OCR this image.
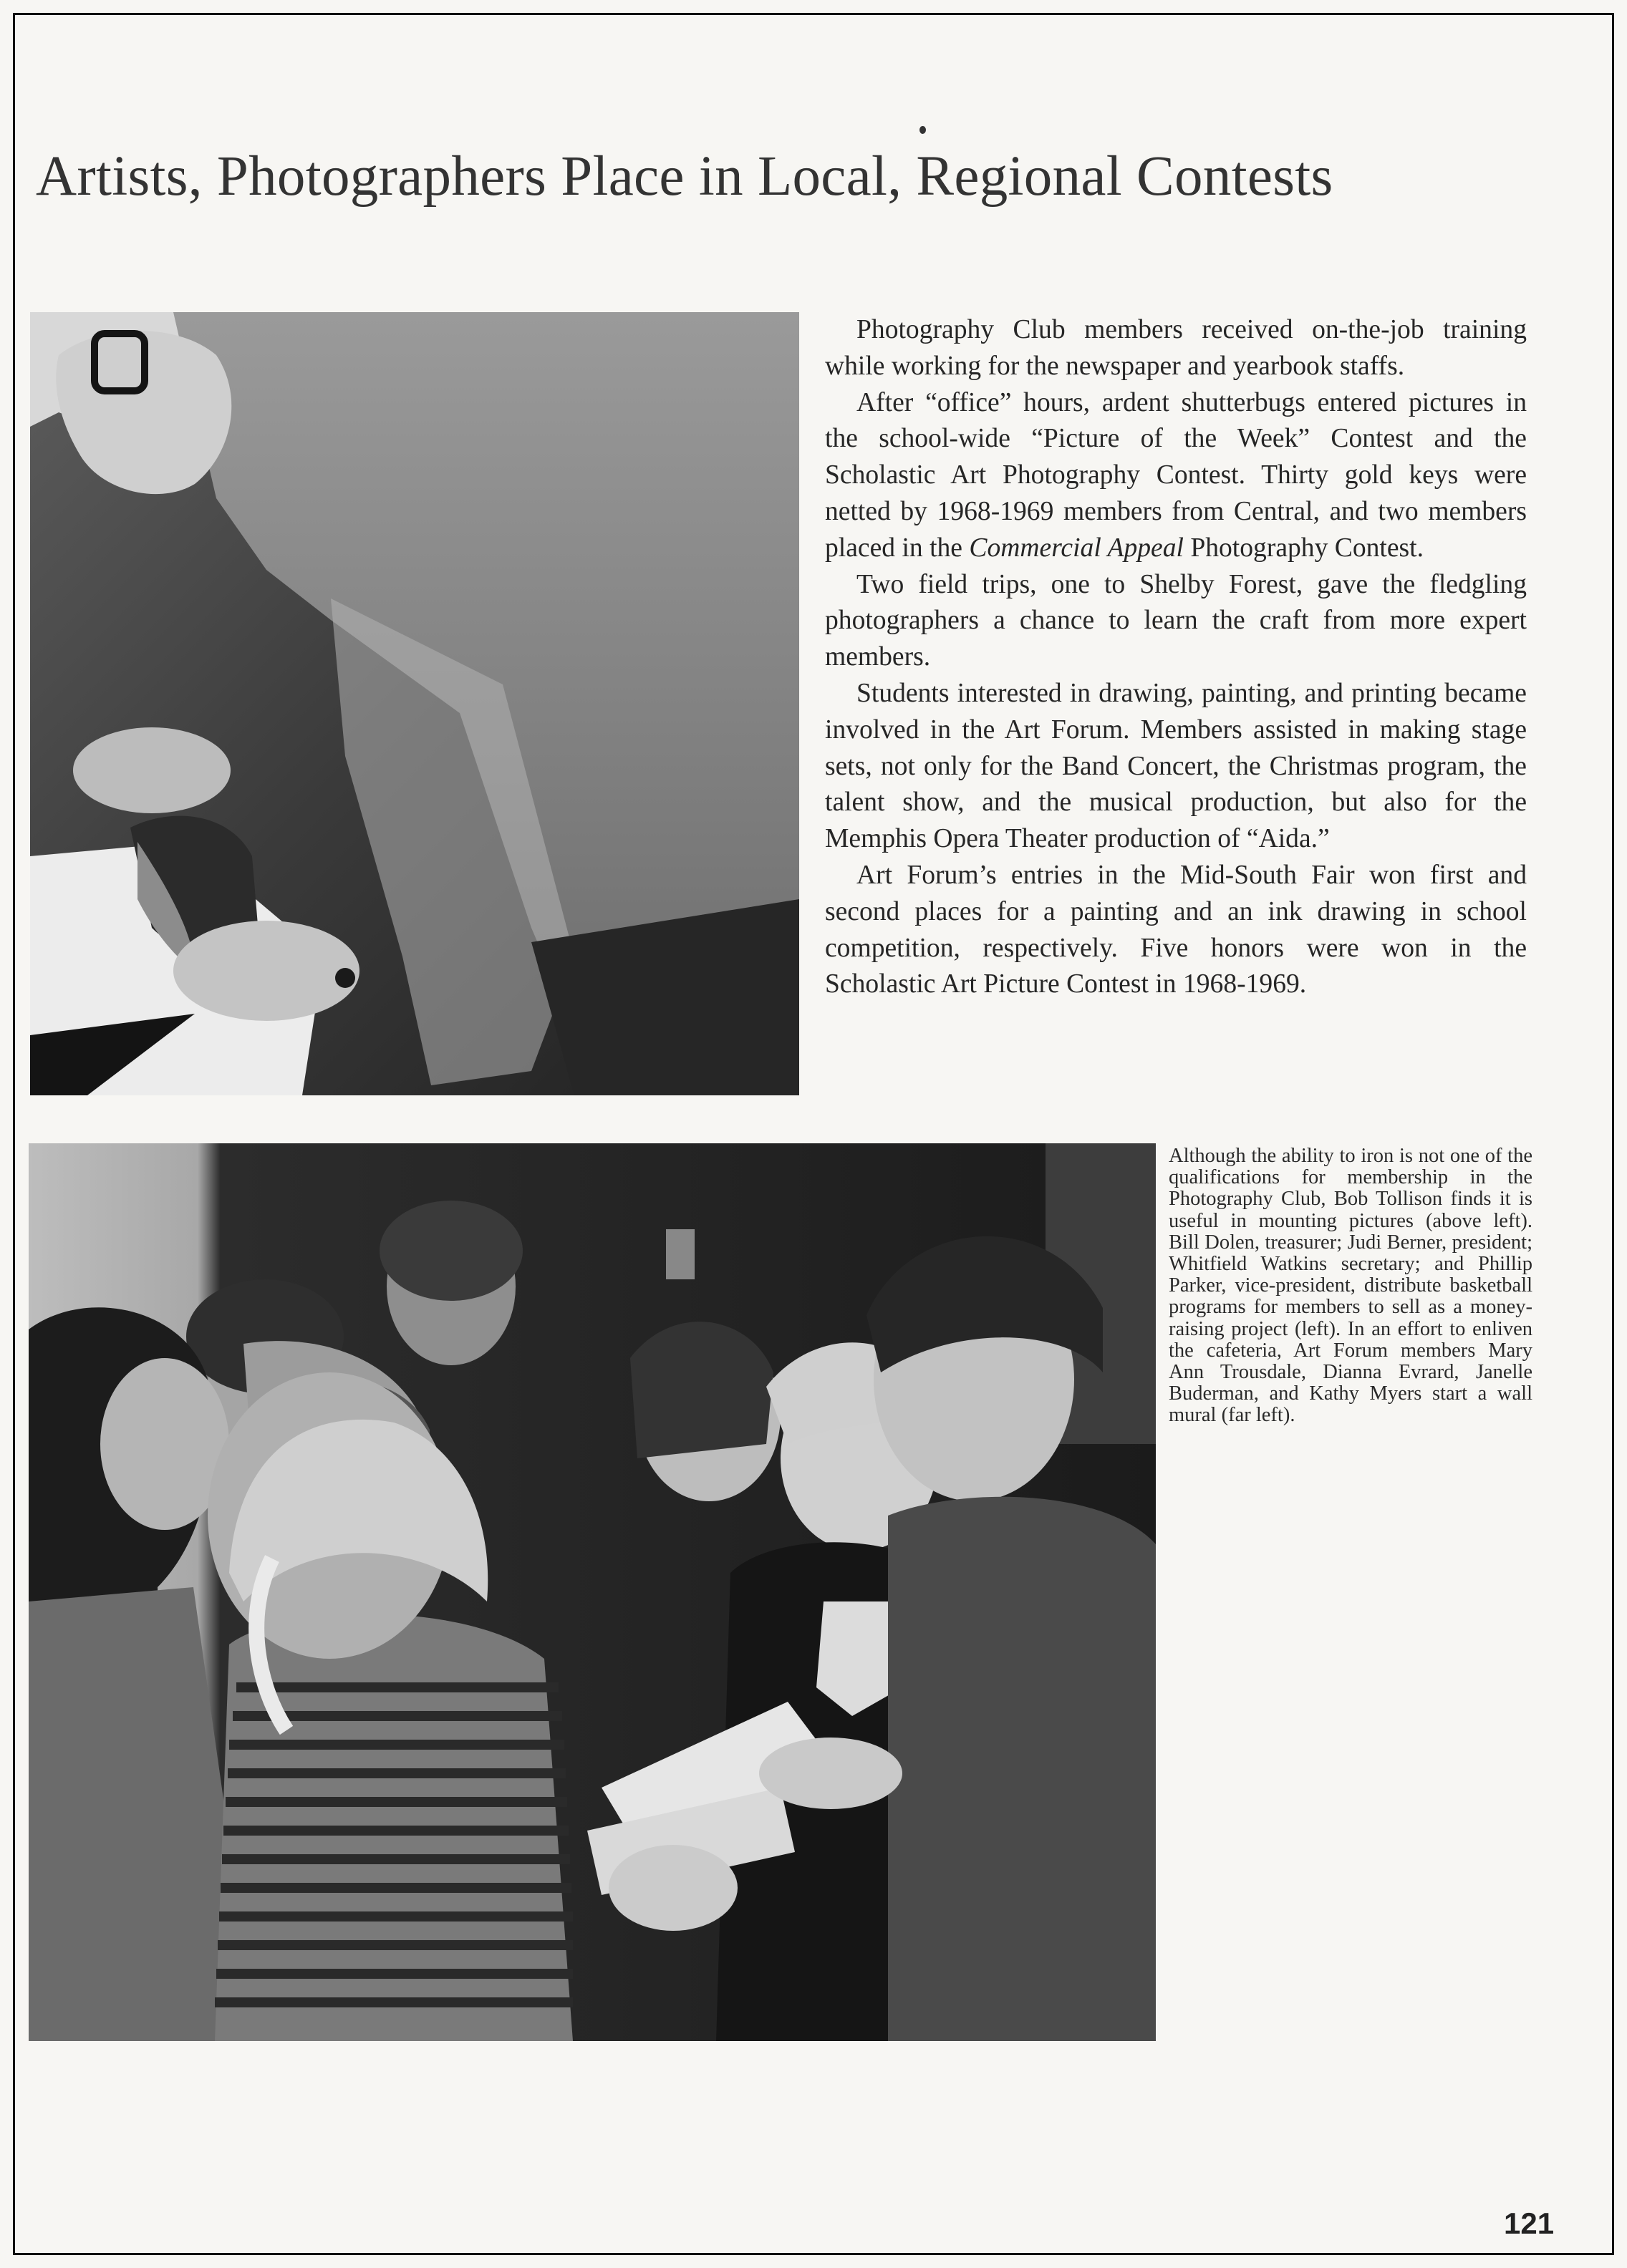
Artists, Photographers Place in Local, Regional Contests

Photography Club members received on-the-job training while working for the newspaper and yearbook staffs.

After “office” hours, ardent shutterbugs entered pictures in the school-wide “Picture of the Week” Contest and the Scholastic Art Photography Contest. Thirty gold keys were netted by 1968-1969 members from Central, and two members placed in the Commercial Appeal Photography Contest.

Two field trips, one to Shelby Forest, gave the fledgling photographers a chance to learn the craft from more expert members.

Students interested in drawing, painting, and printing became involved in the Art Forum. Members assisted in making stage sets, not only for the Band Concert, the Christmas program, the talent show, and the musical production, but also for the Memphis Opera Theater production of “Aida.”

Art Forum’s entries in the Mid-South Fair won first and second places for a painting and an ink drawing in school competition, respectively. Five honors were won in the Scholastic Art Picture Contest in 1968-1969.

Although the ability to iron is not one of the qualifications for membership in the Photography Club, Bob Tollison finds it is useful in mounting pictures (above left). Bill Dolen, treasurer; Judi Berner, president; Whitfield Watkins secretary; and Phillip Parker, vice-president, distribute basketball programs for members to sell as a money-raising project (left). In an effort to enliven the cafeteria, Art Forum members Mary Ann Trousdale, Dianna Evrard, Janelle Buderman, and Kathy Myers start a wall mural (far left).

121
